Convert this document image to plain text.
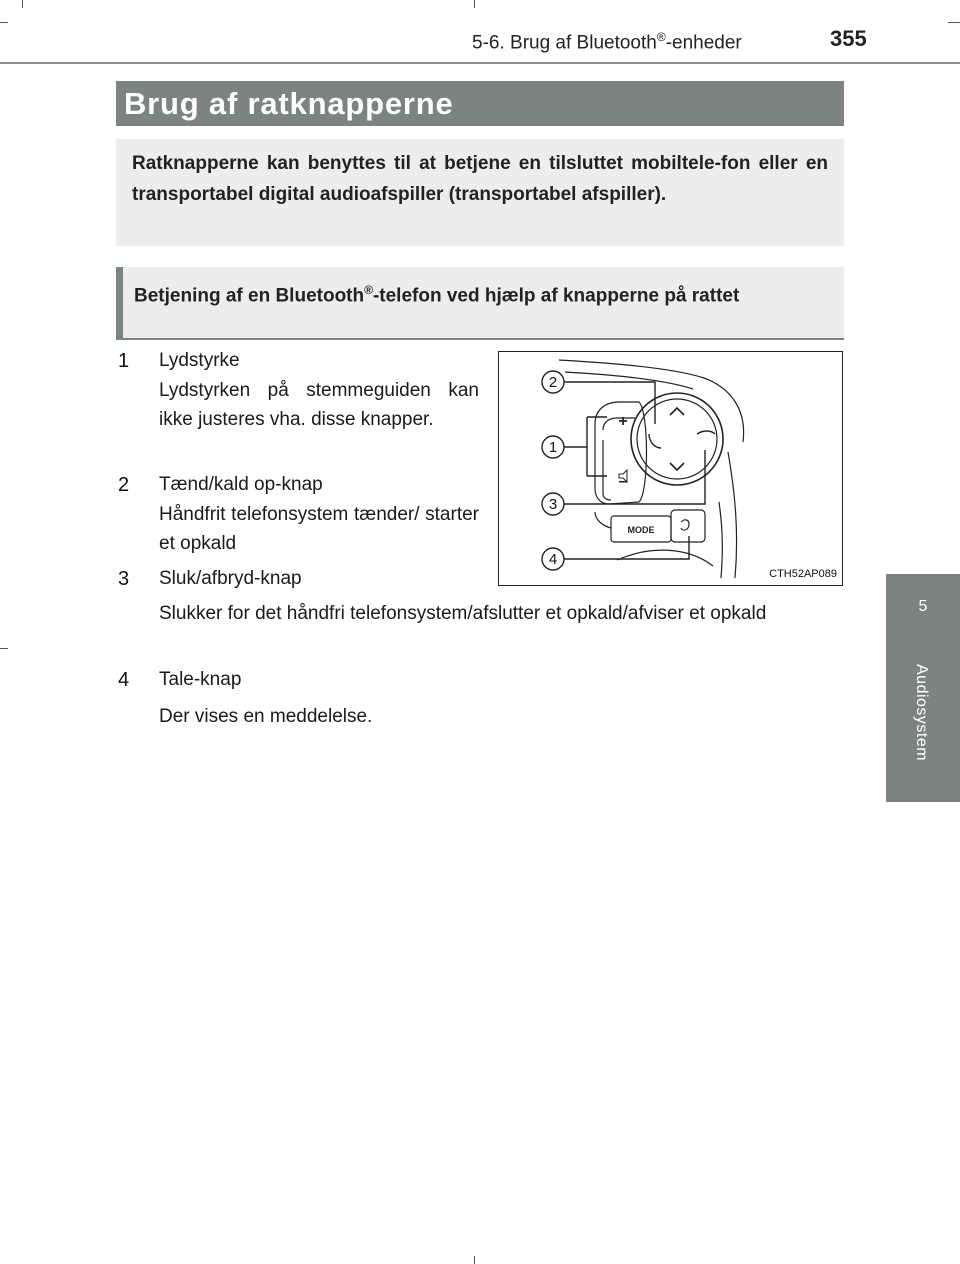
5-6. Brug af Bluetooth®-enheder	355
5
Audiosystem
Brug af ratknapperne
Ratknapperne kan benyttes til at betjene en tilsluttet mobiltele-fon eller en transportabel digital audioafspiller (transportabel afspiller).
Betjening af en Bluetooth®-telefon ved hjælp af knapperne på rattet
1	Lydstyrke
Lydstyrken på stemmeguiden kan ikke justeres vha. disse knapper.
2	Tænd/kald op-knap
Håndfrit telefonsystem tænder/ starter et opkald
3	Sluk/afbryd-knap
Slukker for det håndfri telefonsystem/afslutter et opkald/afviser et opkald
4	Tale-knap
Der vises en meddelelse.
2
1
3
4
+
–
MODE
CTH52AP089
